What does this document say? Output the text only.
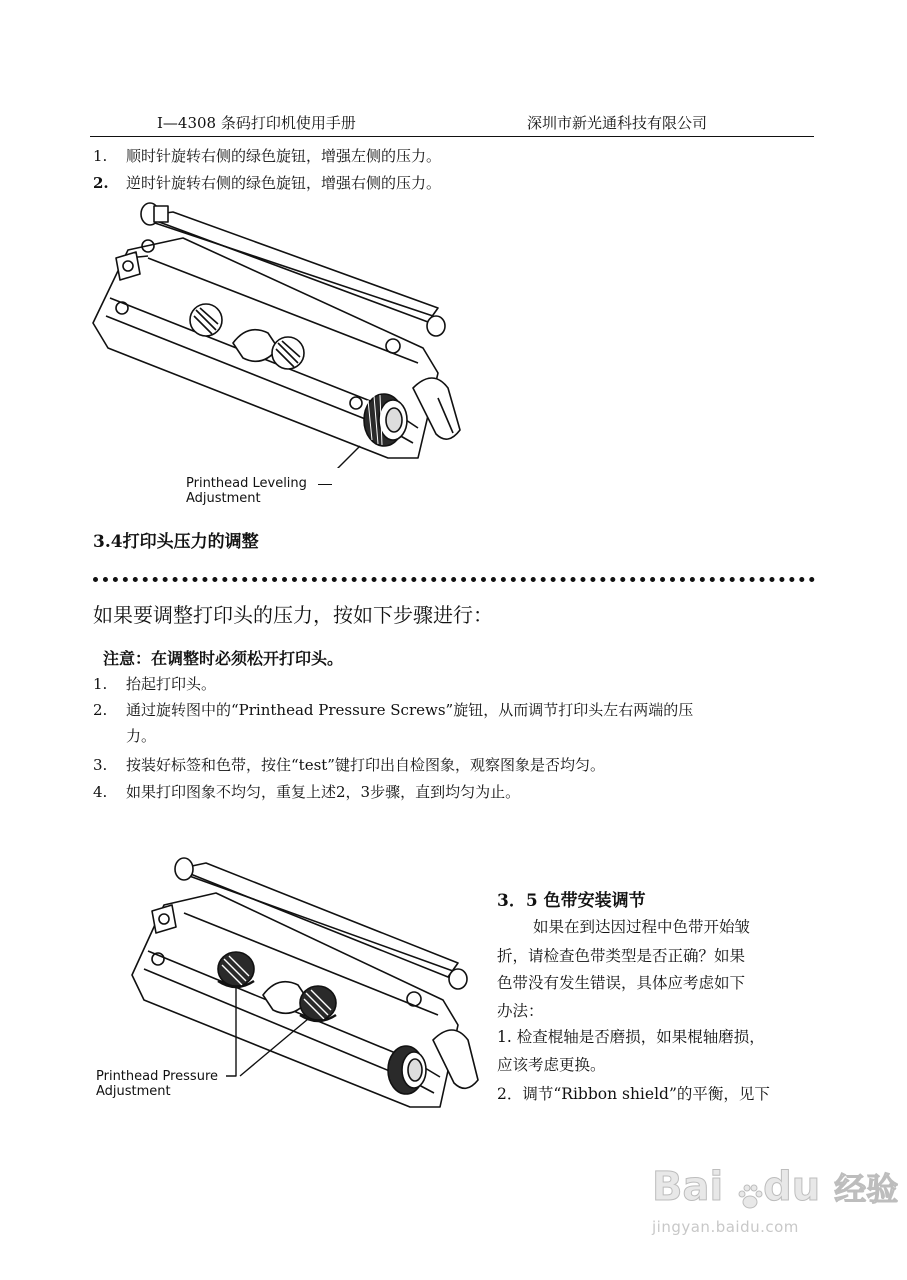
I—4308 条码打印机使用手册	深圳市新光通科技有限公司
1. 顺时针旋转右侧的绿色旋钮，增强左侧的压力。
2. 逆时针旋转右侧的绿色旋钮，增强右侧的压力。
Printhead Leveling
Adjustment
3.4打印头压力的调整
如果要调整打印头的压力，按如下步骤进行：
注意：在调整时必须松开打印头。
1. 抬起打印头。
2. 通过旋转图中的“Printhead Pressure Screws”旋钮，从而调节打印头左右两端的压
力。
3. 按装好标签和色带，按住“test”键打印出自检图象，观察图象是否均匀。
4. 如果打印图象不均匀，重复上述2，3步骤，直到均匀为止。
Printhead Pressure
Adjustment
3．5 色带安装调节
如果在到达因过程中色带开始皱
折，请检查色带类型是否正确？如果
色带没有发生错误，具体应考虑如下
办法：
1. 检查棍轴是否磨损，如果棍轴磨损，
应该考虑更换。
2．调节“Ribbon shield”的平衡，见下
Bai du 经验
jingyan.baidu.com
